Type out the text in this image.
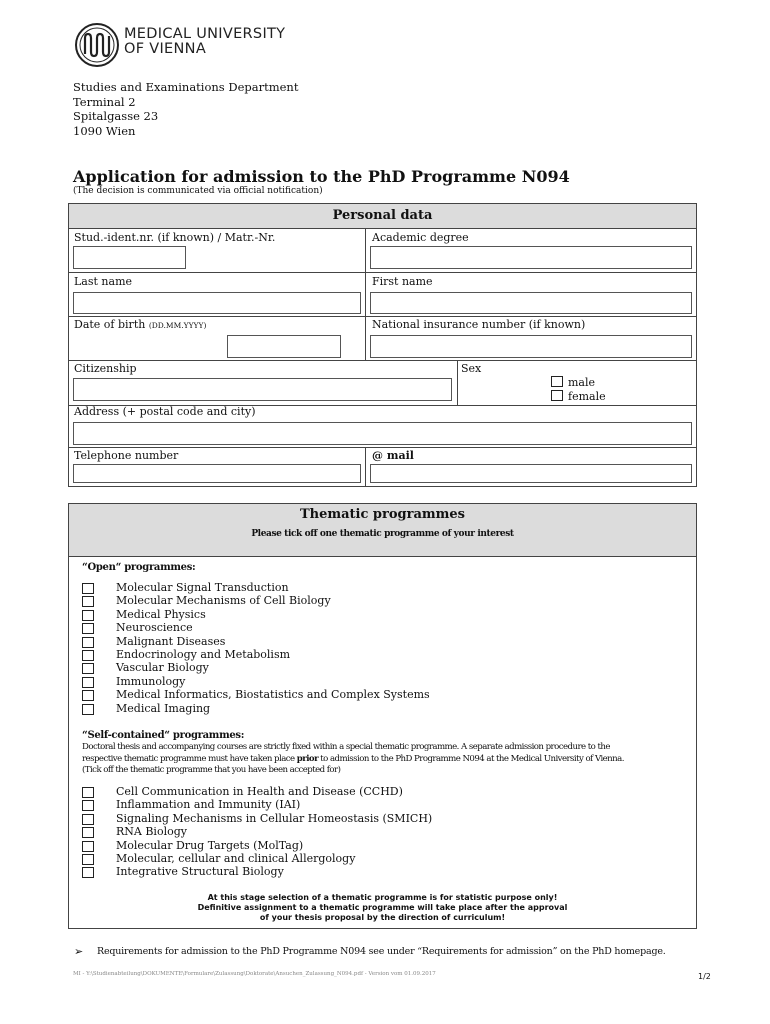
MEDICAL UNIVERSITY
OF VIENNA
Studies and Examinations Department
Terminal 2
Spitalgasse 23
1090 Wien
Application for admission to the PhD Programme N094
(The decision is communicated via official notification)
Personal data
Stud.-ident.nr. (if known) / Matr.-Nr.	Academic degree
Last name	First name
Date of birth (DD.MM.YYYY)	National insurance number (if known)
Citizenship	Sex
male
female
Address (+ postal code and city)
Telephone number	@ mail
Thematic programmes
Please tick off one thematic programme of your interest
“Open“ programmes:
Molecular Signal Transduction
Molecular Mechanisms of Cell Biology
Medical Physics
Neuroscience
Malignant Diseases
Endocrinology and Metabolism
Vascular Biology
Immunology
Medical Informatics, Biostatistics and Complex Systems
Medical Imaging
“Self-contained“ programmes:
Doctoral thesis and accompanying courses are strictly fixed within a special thematic programme. A separate admission procedure to the
respective thematic programme must have taken place prior to admission to the PhD Programme N094 at the Medical University of Vienna.
(Tick off the thematic programme that you have been accepted for)
Cell Communication in Health and Disease (CCHD)
Inflammation and Immunity (IAI)
Signaling Mechanisms in Cellular Homeostasis (SMICH)
RNA Biology
Molecular Drug Targets (MolTag)
Molecular, cellular and clinical Allergology
Integrative Structural Biology
At this stage selection of a thematic programme is for statistic purpose only!
Definitive assignment to a thematic programme will take place after the approval
of your thesis proposal by the direction of curriculum!
➢ Requirements for admission to the PhD Programme N094 see under “Requirements for admission” on the PhD homepage.
MI - Y:\Studienabteilung\DOKUMENTE\Formulare\Zulassung\Doktorate\Ansuchen_Zulassung_N094.pdf - Version vom 01.09.2017	1/2
